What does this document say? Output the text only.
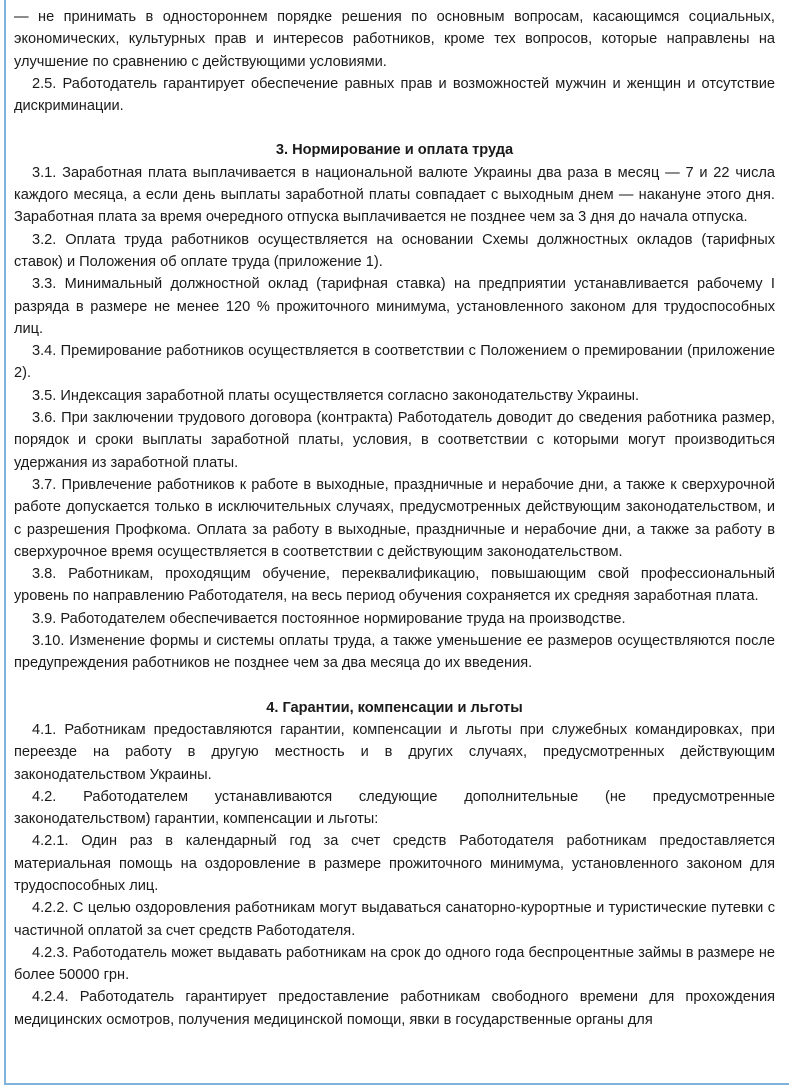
— не принимать в одностороннем порядке решения по основным вопросам, касающимся социальных, экономических, культурных прав и интересов работников, кроме тех вопросов, которые направлены на улучшение по сравнению с действующими условиями.

2.5. Работодатель гарантирует обеспечение равных прав и возможностей мужчин и женщин и отсутствие дискриминации.

3. Нормирование и оплата труда

3.1. Заработная плата выплачивается в национальной валюте Украины два раза в месяц — 7 и 22 числа каждого месяца, а если день выплаты заработной платы совпадает с выходным днем — накануне этого дня. Заработная плата за время очередного отпуска выплачивается не позднее чем за 3 дня до начала отпуска.

3.2. Оплата труда работников осуществляется на основании Схемы должностных окладов (тарифных ставок) и Положения об оплате труда (приложение 1).

3.3. Минимальный должностной оклад (тарифная ставка) на предприятии устанавливается рабочему I разряда в размере не менее 120 % прожиточного минимума, установленного законом для трудоспособных лиц.

3.4. Премирование работников осуществляется в соответствии с Положением о премировании (приложение 2).

3.5. Индексация заработной платы осуществляется согласно законодательству Украины.

3.6. При заключении трудового договора (контракта) Работодатель доводит до сведения работника размер, порядок и сроки выплаты заработной платы, условия, в соответствии с которыми могут производиться удержания из заработной платы.

3.7. Привлечение работников к работе в выходные, праздничные и нерабочие дни, а также к сверхурочной работе допускается только в исключительных случаях, предусмотренных действующим законодательством, и с разрешения Профкома. Оплата за работу в выходные, праздничные и нерабочие дни, а также за работу в сверхурочное время осуществляется в соответствии с действующим законодательством.

3.8. Работникам, проходящим обучение, переквалификацию, повышающим свой профессиональный уровень по направлению Работодателя, на весь период обучения сохраняется их средняя заработная плата.

3.9. Работодателем обеспечивается постоянное нормирование труда на производстве.

3.10. Изменение формы и системы оплаты труда, а также уменьшение ее размеров осуществляются после предупреждения работников не позднее чем за два месяца до их введения.

4. Гарантии, компенсации и льготы

4.1. Работникам предоставляются гарантии, компенсации и льготы при служебных командировках, при переезде на работу в другую местность и в других случаях, предусмотренных действующим законодательством Украины.

4.2. Работодателем устанавливаются следующие дополнительные (не предусмотренные законодательством) гарантии, компенсации и льготы:

4.2.1. Один раз в календарный год за счет средств Работодателя работникам предоставляется материальная помощь на оздоровление в размере прожиточного минимума, установленного законом для трудоспособных лиц.

4.2.2. С целью оздоровления работникам могут выдаваться санаторно-курортные и туристические путевки с частичной оплатой за счет средств Работодателя.

4.2.3. Работодатель может выдавать работникам на срок до одного года беспроцентные займы в размере не более 50000 грн.

4.2.4. Работодатель гарантирует предоставление работникам свободного времени для прохождения медицинских осмотров, получения медицинской помощи, явки в государственные органы для
